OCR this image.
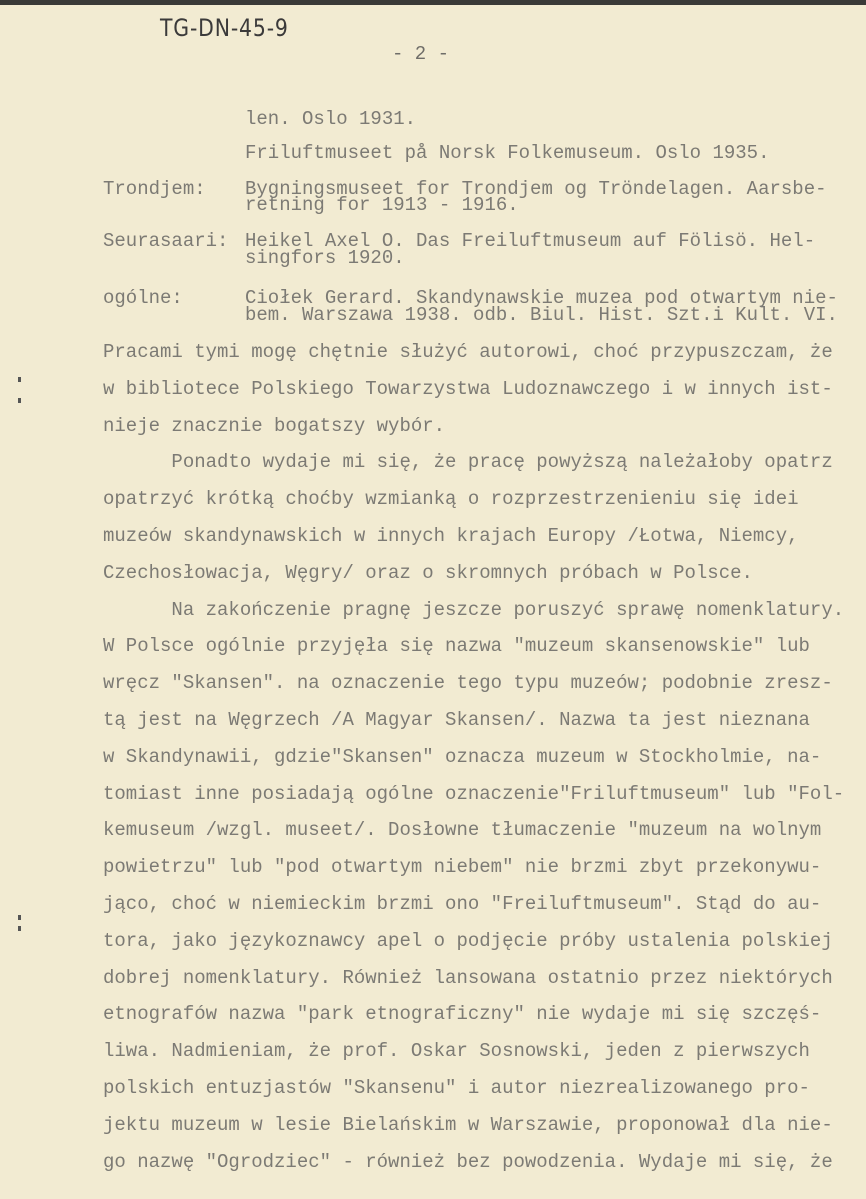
TG-DN-45-9
- 2 -
len. Oslo 1931.
Friluftmuseet på Norsk Folkemuseum. Oslo 1935.
Trondjem: Bygningsmuseet for Trondjem og Tröndelagen. Aarsbe-
retning for 1913 - 1916.
Seurasaari: Heikel Axel O. Das Freiluftmuseum auf Fölisö. Hel-
singfors 1920.
ogólne:	Ciołek Gerard. Skandynawskie muzea pod otwartym nie-
bem. Warszawa 1938. odb. Biul. Hist. Szt.i Kult. VI.
Pracami tymi mogę chętnie służyć autorowi, choć przypuszczam, że
w bibliotece Polskiego Towarzystwa Ludoznawczego i w innych ist-
nieje znacznie bogatszy wybór.
Ponadto wydaje mi się, że pracę powyższą należałoby opatrz
opatrzyć krótką choćby wzmianką o rozprzestrzenieniu się idei
muzeów skandynawskich w innych krajach Europy /Łotwa, Niemcy,
Czechosłowacja, Węgry/ oraz o skromnych próbach w Polsce.
Na zakończenie pragnę jeszcze poruszyć sprawę nomenklatury.
W Polsce ogólnie przyjęła się nazwa "muzeum skansenowskie" lub
wręcz "Skansen". na oznaczenie tego typu muzeów; podobnie zresz-
tą jest na Węgrzech /A Magyar Skansen/. Nazwa ta jest nieznana
w Skandynawii, gdzie"Skansen" oznacza muzeum w Stockholmie, na-
tomiast inne posiadają ogólne oznaczenie"Friluftmuseum" lub "Fol-
kemuseum /wzgl. museet/. Dosłowne tłumaczenie "muzeum na wolnym
powietrzu" lub "pod otwartym niebem" nie brzmi zbyt przekonywu-
jąco, choć w niemieckim brzmi ono "Freiluftmuseum". Stąd do au-
tora, jako językoznawcy apel o podjęcie próby ustalenia polskiej
dobrej nomenklatury. Również lansowana ostatnio przez niektórych
etnografów nazwa "park etnograficzny" nie wydaje mi się szczęś-
liwa. Nadmieniam, że prof. Oskar Sosnowski, jeden z pierwszych
polskich entuzjastów "Skansenu" i autor niezrealizowanego pro-
jektu muzeum w lesie Bielańskim w Warszawie, proponował dla nie-
go nazwę "Ogrodziec" - również bez powodzenia. Wydaje mi się, że
